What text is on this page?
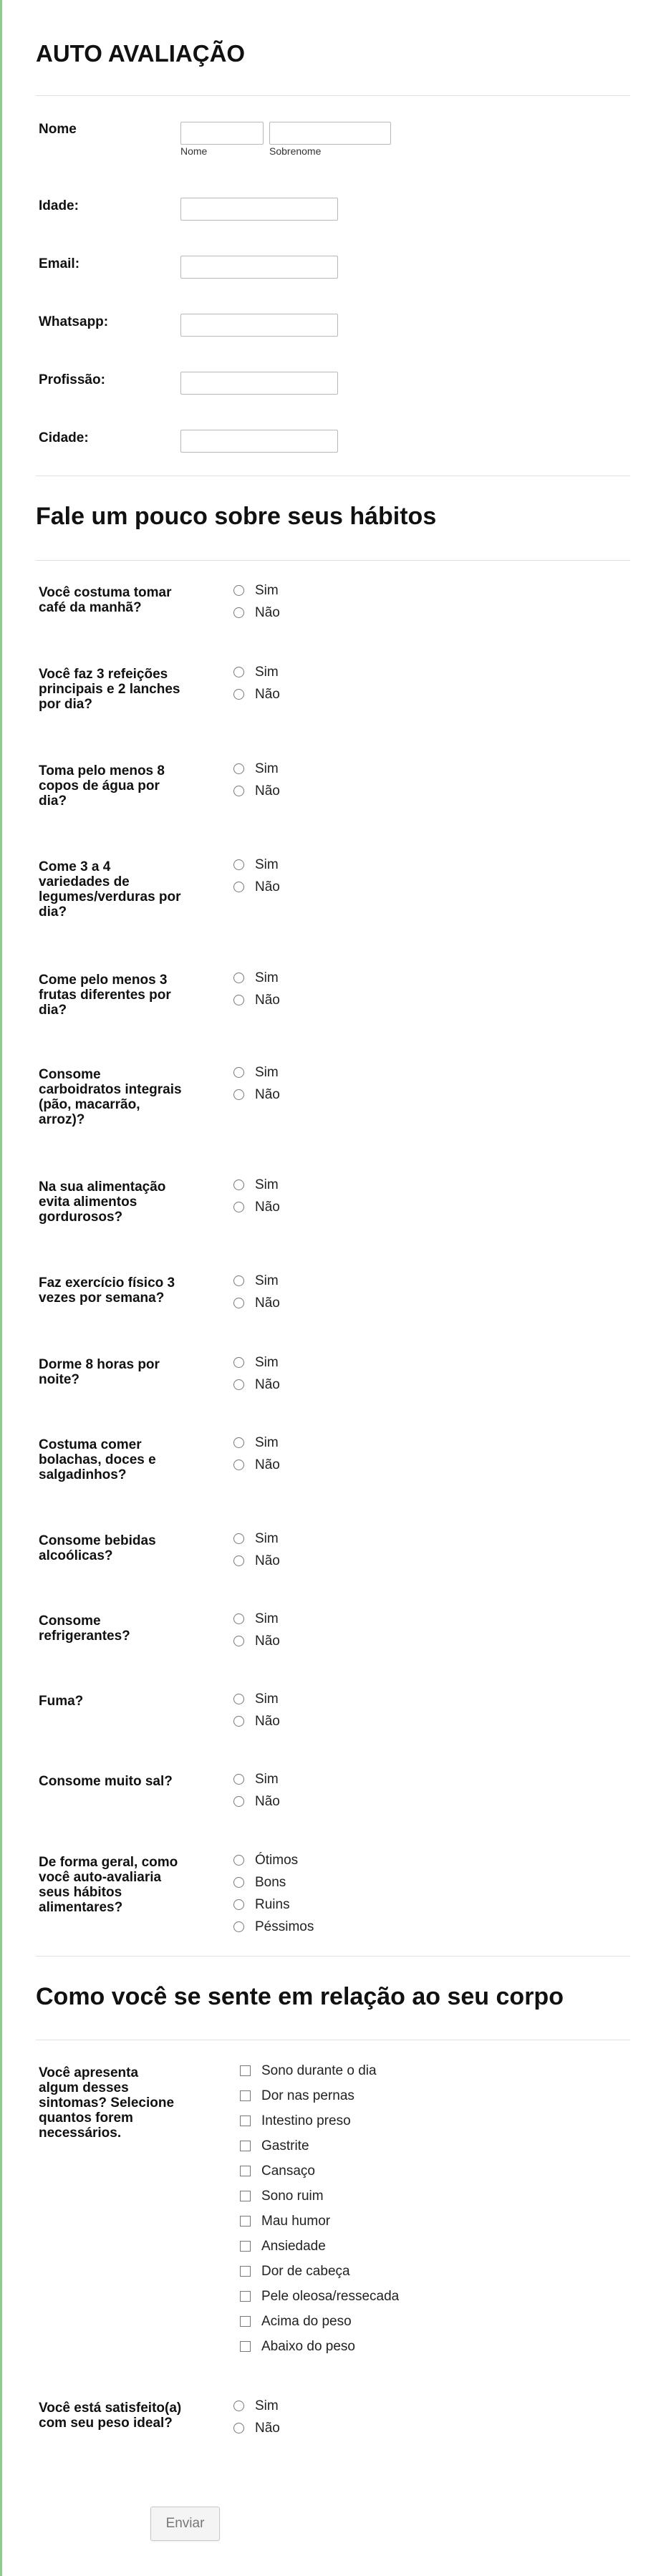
AUTO AVALIAÇÃO
Nome
Nome	Sobrenome
Idade:
Email:
Whatsapp:
Profissão:
Cidade:
Fale um pouco sobre seus hábitos
Você costuma tomar café da manhã?
Sim
Não
Você faz 3 refeições principais e 2 lanches por dia?
Sim
Não
Toma pelo menos 8 copos de água por dia?
Sim
Não
Come 3 a 4 variedades de legumes/verduras por dia?
Sim
Não
Come pelo menos 3 frutas diferentes por dia?
Sim
Não
Consome carboidratos integrais (pão, macarrão, arroz)?
Sim
Não
Na sua alimentação evita alimentos gordurosos?
Sim
Não
Faz exercício físico 3 vezes por semana?
Sim
Não
Dorme 8 horas por noite?
Sim
Não
Costuma comer bolachas, doces e salgadinhos?
Sim
Não
Consome bebidas alcoólicas?
Sim
Não
Consome refrigerantes?
Sim
Não
Fuma?	Sim
Não
Consome muito sal?	Sim
Não
De forma geral, como você auto-avaliaria seus hábitos alimentares?
Ótimos
Bons
Ruins
Péssimos
Como você se sente em relação ao seu corpo
Você apresenta algum desses sintomas? Selecione quantos forem necessários.
Sono durante o dia
Dor nas pernas
Intestino preso
Gastrite
Cansaço
Sono ruim
Mau humor
Ansiedade
Dor de cabeça
Pele oleosa/ressecada
Acima do peso
Abaixo do peso
Você está satisfeito(a) com seu peso ideal?
Sim
Não
Enviar
